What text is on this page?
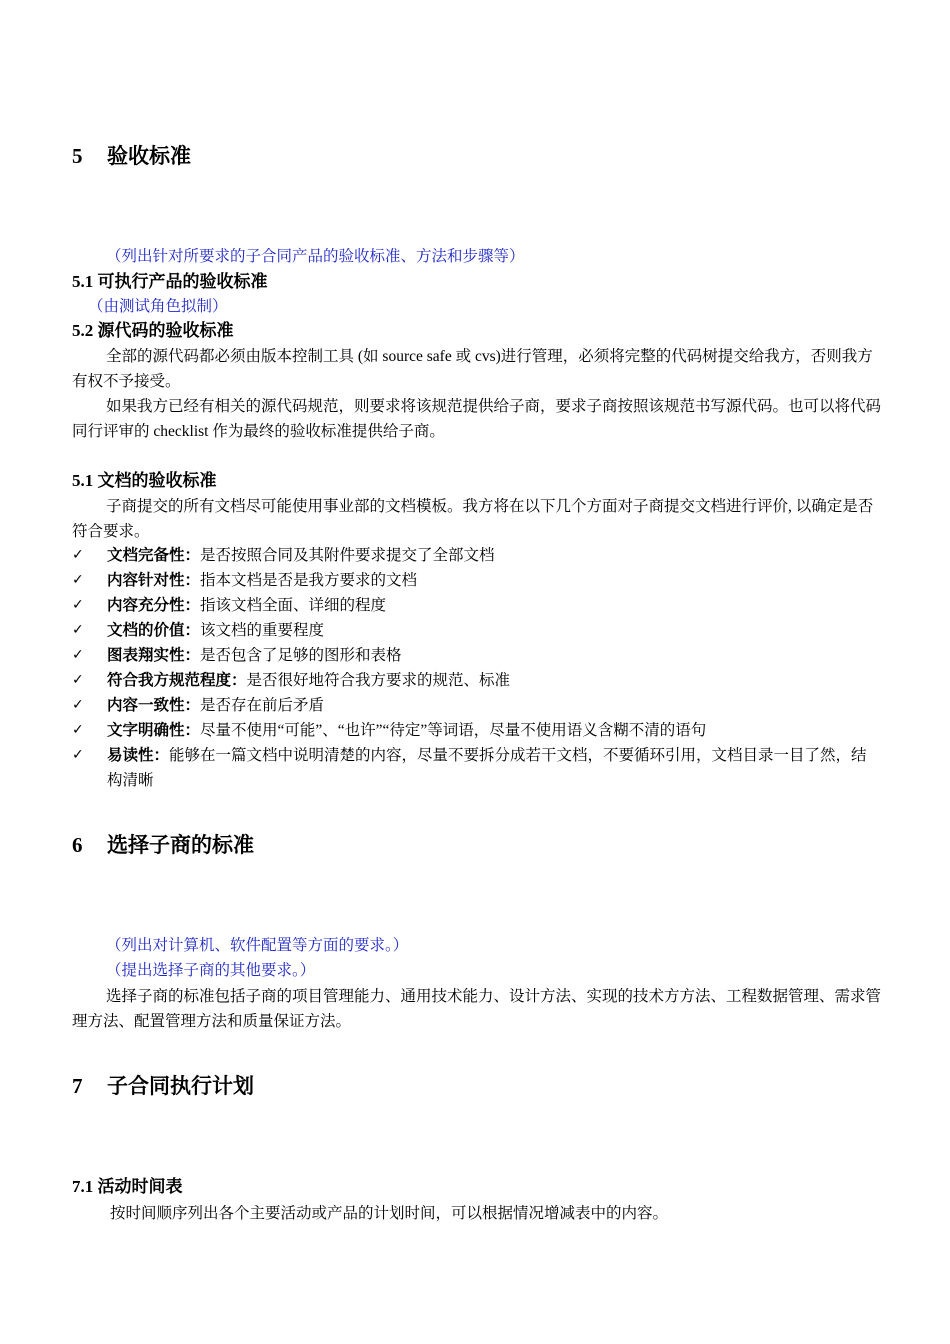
5 验收标准
（列出针对所要求的子合同产品的验收标准、方法和步骤等）
5.1 可执行产品的验收标准
（由测试角色拟制）
5.2 源代码的验收标准

全部的源代码都必须由版本控制工具 (如 source safe 或 cvs)进行管理，必须将完整的代码树提交给我方，否则我方有权不予接受。

如果我方已经有相关的源代码规范，则要求将该规范提供给子商，要求子商按照该规范书写源代码。也可以将代码同行评审的 checklist 作为最终的验收标准提供给子商。

5.1 文档的验收标准

子商提交的所有文档尽可能使用事业部的文档模板。我方将在以下几个方面对子商提交文档进行评价, 以确定是否符合要求。

✓ 文档完备性：是否按照合同及其附件要求提交了全部文档
✓ 内容针对性：指本文档是否是我方要求的文档
✓ 内容充分性：指该文档全面、详细的程度
✓ 文档的价值：该文档的重要程度
✓ 图表翔实性：是否包含了足够的图形和表格
✓ 符合我方规范程度：是否很好地符合我方要求的规范、标准
✓ 内容一致性：是否存在前后矛盾
✓ 文字明确性：尽量不使用“可能”、“也许”“待定”等词语，尽量不使用语义含糊不清的语句
✓ 易读性：能够在一篇文档中说明清楚的内容，尽量不要拆分成若干文档，不要循环引用，文档目录一目了然，结构清晰
6 选择子商的标准
（列出对计算机、软件配置等方面的要求。）
（提出选择子商的其他要求。）

选择子商的标准包括子商的项目管理能力、通用技术能力、设计方法、实现的技术方方法、工程数据管理、需求管理方法、配置管理方法和质量保证方法。

7 子合同执行计划
7.1 活动时间表

按时间顺序列出各个主要活动或产品的计划时间，可以根据情况增减表中的内容。
